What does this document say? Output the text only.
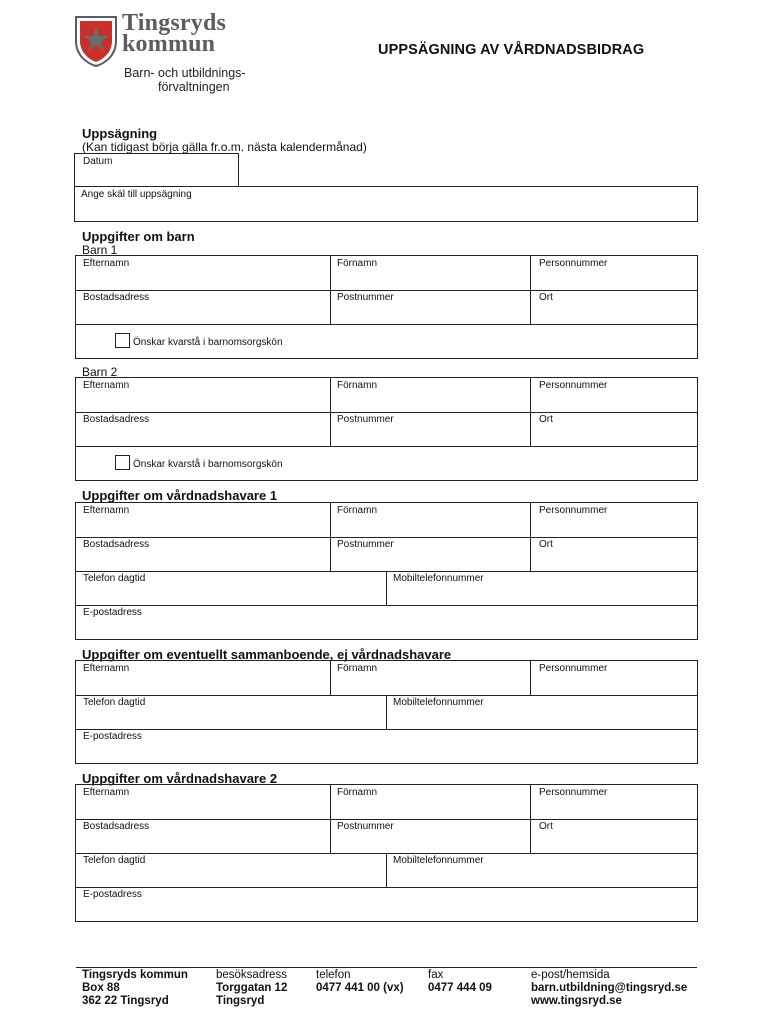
Tingsryds
kommun
Barn- och utbildnings-
förvaltningen
UPPSÄGNING AV VÅRDNADSBIDRAG
Uppsägning
(Kan tidigast börja gälla fr.o.m. nästa kalendermånad)
Datum
Ange skäl till uppsägning
Uppgifter om barn
Barn 1
Efternamn	Förnamn	Personnummer
Bostadsadress	Postnummer	Ort
Önskar kvarstå i barnomsorgskön
Barn 2
Efternamn	Förnamn	Personnummer
Bostadsadress	Postnummer	Ort
Önskar kvarstå i barnomsorgskön
Uppgifter om vårdnadshavare 1
Efternamn	Förnamn	Personnummer
Bostadsadress	Postnummer	Ort
Telefon dagtid	Mobiltelefonnummer
E-postadress
Uppgifter om eventuellt sammanboende, ej vårdnadshavare
Efternamn	Förnamn	Personnummer
Telefon dagtid	Mobiltelefonnummer
E-postadress
Uppgifter om vårdnadshavare 2
Efternamn	Förnamn	Personnummer
Bostadsadress	Postnummer	Ort
Telefon dagtid	Mobiltelefonnummer
E-postadress
Tingsryds kommun
Box 88
362 22 Tingsryd
besöksadress
Torggatan 12
Tingsryd
telefon
0477 441 00 (vx)
fax
0477 444 09
e-post/hemsida
barn.utbildning@tingsryd.se
www.tingsryd.se
